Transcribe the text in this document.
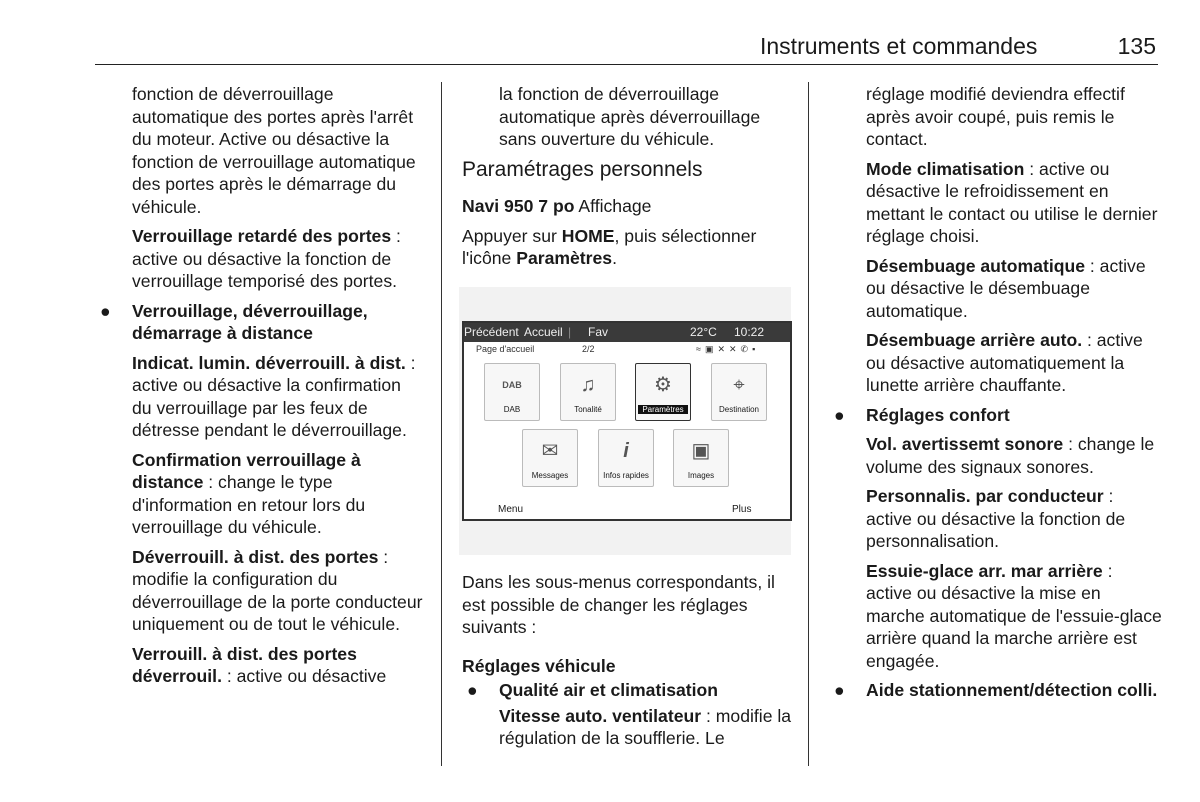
Instruments et commandes	135

fonction de déverrouillage automatique des portes après l'arrêt du moteur. Active ou désactive la fonction de verrouillage automatique des portes après le démarrage du véhicule.

Verrouillage retardé des portes : active ou désactive la fonction de verrouillage temporisé des portes.

● Verrouillage, déverrouillage, démarrage à distance

Indicat. lumin. déverrouill. à dist. : active ou désactive la confirmation du verrouillage par les feux de détresse pendant le déverrouillage.

Confirmation verrouillage à distance : change le type d'information en retour lors du verrouillage du véhicule.

Déverrouill. à dist. des portes : modifie la configuration du déverrouillage de la porte conducteur uniquement ou de tout le véhicule.

Verrouill. à dist. des portes déverrouil. : active ou désactive

la fonction de déverrouillage automatique après déverrouillage sans ouverture du véhicule.

Paramétrages personnels

Navi 950 7 po Affichage

Appuyer sur HOME, puis sélectionner l'icône Paramètres.

Dans les sous-menus correspondants, il est possible de changer les réglages suivants :

Réglages véhicule

● Qualité air et climatisation

Vitesse auto. ventilateur : modifie la régulation de la soufflerie. Le

Précédent Accueil | Fav	22°C 10:22
Page d'accueil	2/2	≈▣✕✕✆▪
DAB
DAB
♫
Tonalité
⚙
Paramètres
⌖
Destination
✉
Messages
i
Infos rapides
▣
Images
Menu	Plus

réglage modifié deviendra effectif après avoir coupé, puis remis le contact.

Mode climatisation : active ou désactive le refroidissement en mettant le contact ou utilise le dernier réglage choisi.

Désembuage automatique : active ou désactive le désembuage automatique.

Désembuage arrière auto. : active ou désactive automatiquement la lunette arrière chauffante.

● Réglages confort

Vol. avertissemt sonore : change le volume des signaux sonores.

Personnalis. par conducteur : active ou désactive la fonction de personnalisation.

Essuie-glace arr. mar arrière : active ou désactive la mise en marche automatique de l'essuie-glace arrière quand la marche arrière est engagée.

● Aide stationnement/détection colli.
